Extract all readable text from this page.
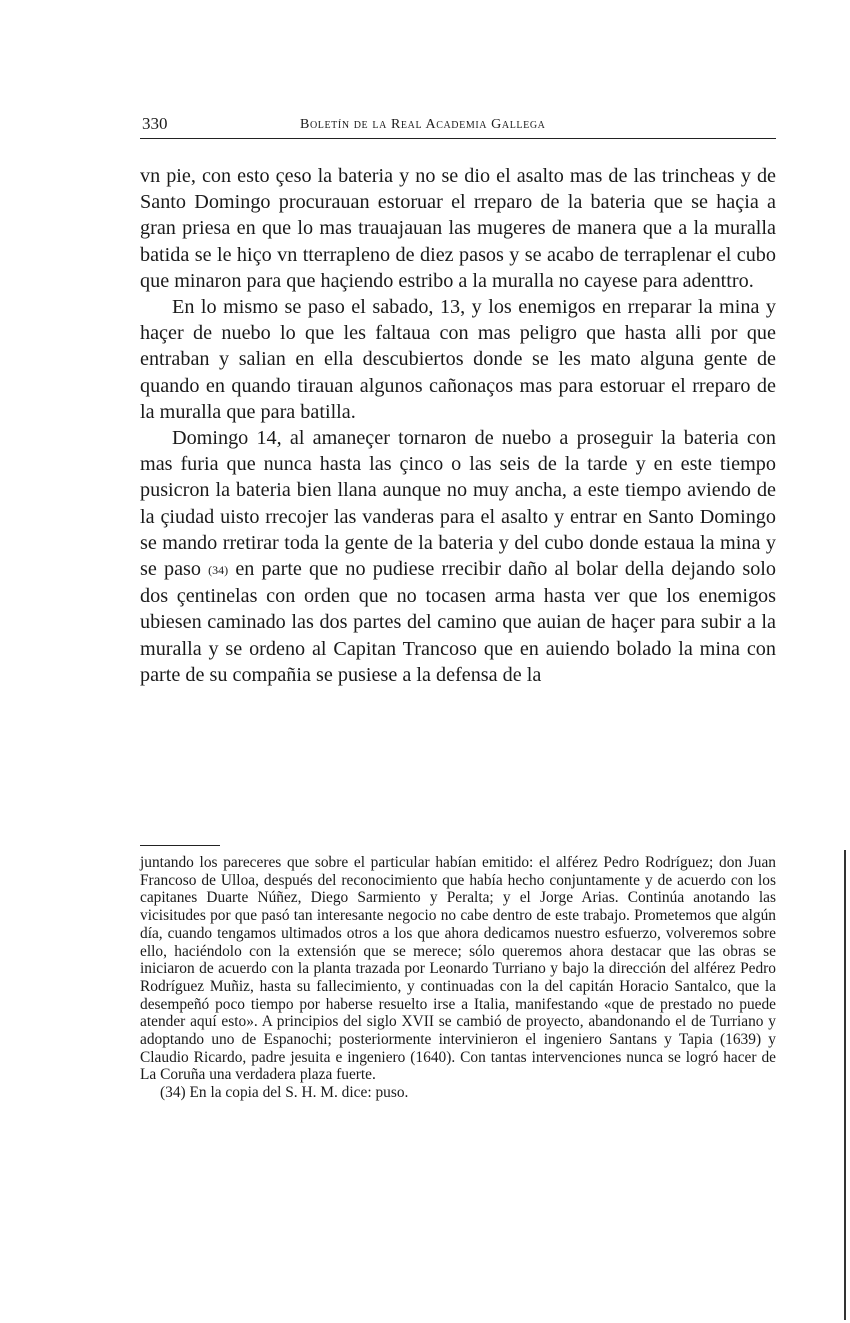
330	Boletín de la Real Academia Gallega

vn pie, con esto çeso la bateria y no se dio el asalto mas de las trincheas y de Santo Domingo procurauan estoruar el rreparo de la bateria que se haçia a gran priesa en que lo mas trauajauan las mugeres de manera que a la muralla batida se le hiço vn tterrapleno de diez pasos y se acabo de terraplenar el cubo que minaron para que haçiendo estribo a la muralla no cayese para adenttro.

En lo mismo se paso el sabado, 13, y los enemigos en rreparar la mina y haçer de nuebo lo que les faltaua con mas peligro que hasta alli por que entraban y salian en ella descubiertos donde se les mato alguna gente de quando en quando tirauan algunos cañonaços mas para estoruar el rreparo de la muralla que para batilla.

Domingo 14, al amaneçer tornaron de nuebo a proseguir la bateria con mas furia que nunca hasta las çinco o las seis de la tarde y en este tiempo pusicron la bateria bien llana aunque no muy ancha, a este tiempo aviendo de la çiudad uisto rrecojer las vanderas para el asalto y entrar en Santo Domingo se mando rretirar toda la gente de la bateria y del cubo donde estaua la mina y se paso (34) en parte que no pudiese rrecibir daño al bolar della dejando solo dos çentinelas con orden que no tocasen arma hasta ver que los enemigos ubiesen caminado las dos partes del camino que auian de haçer para subir a la muralla y se ordeno al Capitan Trancoso que en auiendo bolado la mina con parte de su compañia se pusiese a la defensa de la

juntando los pareceres que sobre el particular habían emitido: el alférez Pedro Rodríguez; don Juan Francoso de Ulloa, después del reconocimiento que había hecho conjuntamente y de acuerdo con los capitanes Duarte Núñez, Diego Sarmiento y Peralta; y el Jorge Arias. Continúa anotando las vicisitudes por que pasó tan interesante negocio no cabe dentro de este trabajo. Prometemos que algún día, cuando tengamos ultimados otros a los que ahora dedicamos nuestro esfuerzo, volveremos sobre ello, haciéndolo con la extensión que se merece; sólo queremos ahora destacar que las obras se iniciaron de acuerdo con la planta trazada por Leonardo Turriano y bajo la dirección del alférez Pedro Rodríguez Muñiz, hasta su fallecimiento, y continuadas con la del capitán Horacio Santalco, que la desempeñó poco tiempo por haberse resuelto irse a Italia, manifestando «que de prestado no puede atender aquí esto». A principios del siglo XVII se cambió de proyecto, abandonando el de Turriano y adoptando uno de Espanochi; posteriormente intervinieron el ingeniero Santans y Tapia (1639) y Claudio Ricardo, padre jesuita e ingeniero (1640). Con tantas intervenciones nunca se logró hacer de La Coruña una verdadera plaza fuerte.

(34) En la copia del S. H. M. dice: puso.
